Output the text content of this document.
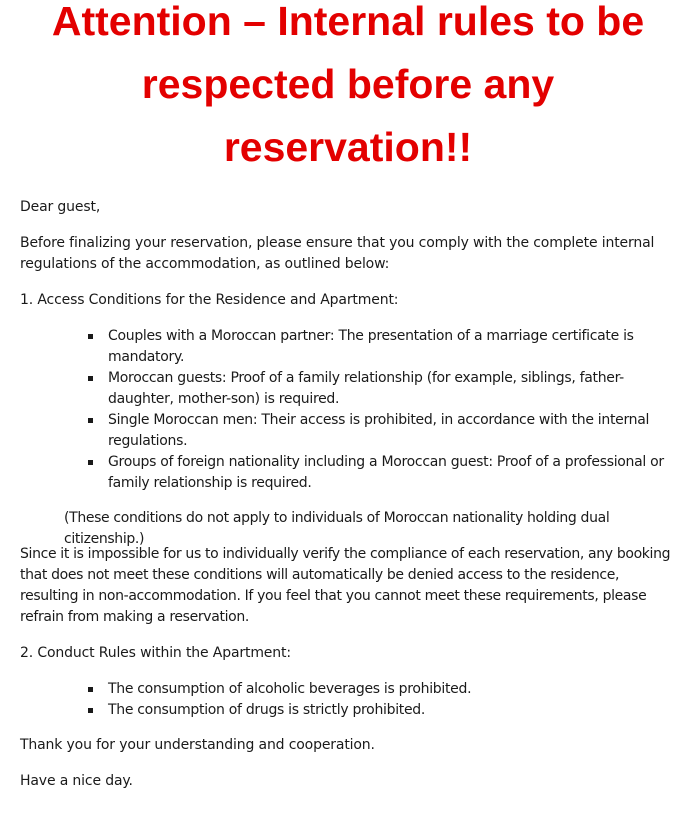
Attention – Internal rules to be
respected before any
reservation!!

Dear guest,

Before finalizing your reservation, please ensure that you comply with the complete internal regulations of the accommodation, as outlined below:

1. Access Conditions for the Residence and Apartment:

Couples with a Moroccan partner: The presentation of a marriage certificate is mandatory.
Moroccan guests: Proof of a family relationship (for example, siblings, father-daughter, mother-son) is required.
Single Moroccan men: Their access is prohibited, in accordance with the internal regulations.
Groups of foreign nationality including a Moroccan guest: Proof of a professional or family relationship is required.

(These conditions do not apply to individuals of Moroccan nationality holding dual citizenship.)

Since it is impossible for us to individually verify the compliance of each reservation, any booking that does not meet these conditions will automatically be denied access to the residence, resulting in non-accommodation. If you feel that you cannot meet these requirements, please refrain from making a reservation.

2. Conduct Rules within the Apartment:

The consumption of alcoholic beverages is prohibited.
The consumption of drugs is strictly prohibited.

Thank you for your understanding and cooperation.

Have a nice day.
